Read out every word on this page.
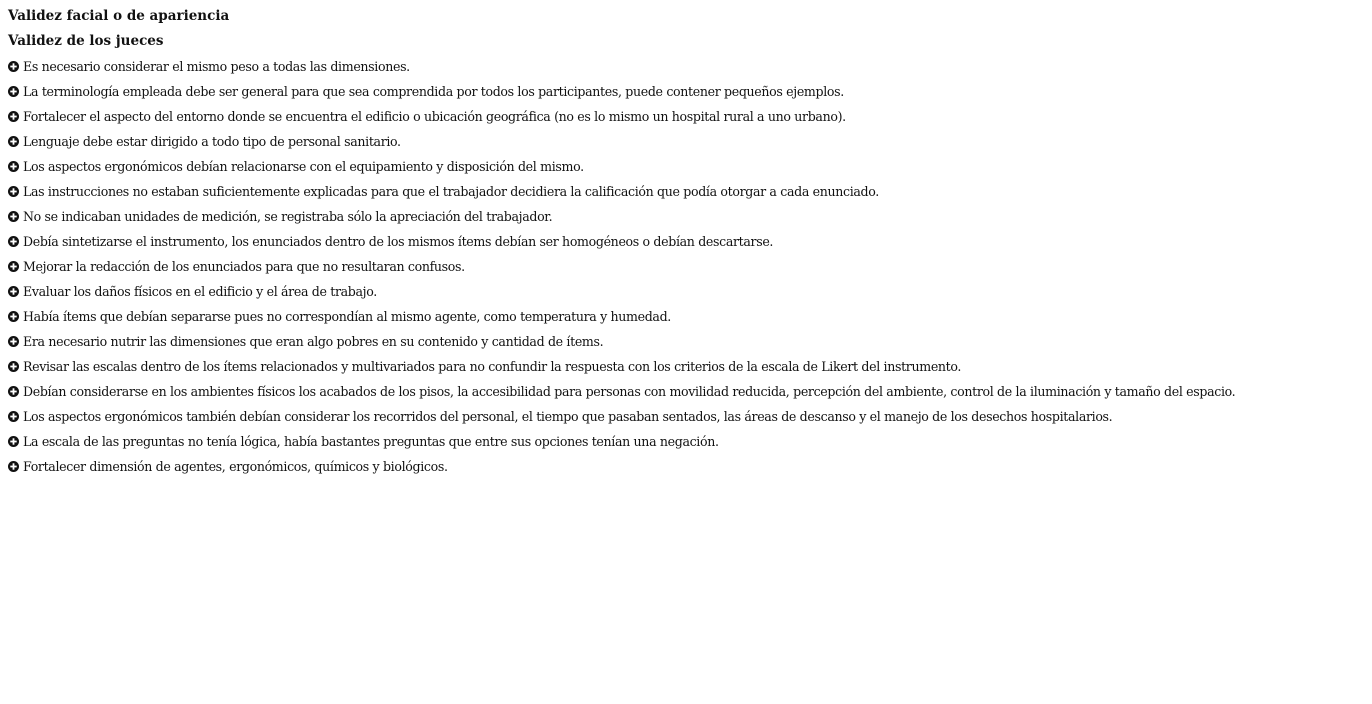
Validez facial o de apariencia
Validez de los jueces
Es necesario considerar el mismo peso a todas las dimensiones.
La terminología empleada debe ser general para que sea comprendida por todos los participantes, puede contener pequeños ejemplos.
Fortalecer el aspecto del entorno donde se encuentra el edificio o ubicación geográfica (no es lo mismo un hospital rural a uno urbano).
Lenguaje debe estar dirigido a todo tipo de personal sanitario.
Los aspectos ergonómicos debían relacionarse con el equipamiento y disposición del mismo.
Las instrucciones no estaban suficientemente explicadas para que el trabajador decidiera la calificación que podía otorgar a cada enunciado.
No se indicaban unidades de medición, se registraba sólo la apreciación del trabajador.
Debía sintetizarse el instrumento, los enunciados dentro de los mismos ítems debían ser homogéneos o debían descartarse.
Mejorar la redacción de los enunciados para que no resultaran confusos.
Evaluar los daños físicos en el edificio y el área de trabajo.
Había ítems que debían separarse pues no correspondían al mismo agente, como temperatura y humedad.
Era necesario nutrir las dimensiones que eran algo pobres en su contenido y cantidad de ítems.
Revisar las escalas dentro de los ítems relacionados y multivariados para no confundir la respuesta con los criterios de la escala de Likert del instrumento.
Debían considerarse en los ambientes físicos los acabados de los pisos, la accesibilidad para personas con movilidad reducida, percepción del ambiente, control de la iluminación y tamaño del espacio.
Los aspectos ergonómicos también debían considerar los recorridos del personal, el tiempo que pasaban sentados, las áreas de descanso y el manejo de los desechos hospitalarios.
La escala de las preguntas no tenía lógica, había bastantes preguntas que entre sus opciones tenían una negación.
Fortalecer dimensión de agentes, ergonómicos, químicos y biológicos.
